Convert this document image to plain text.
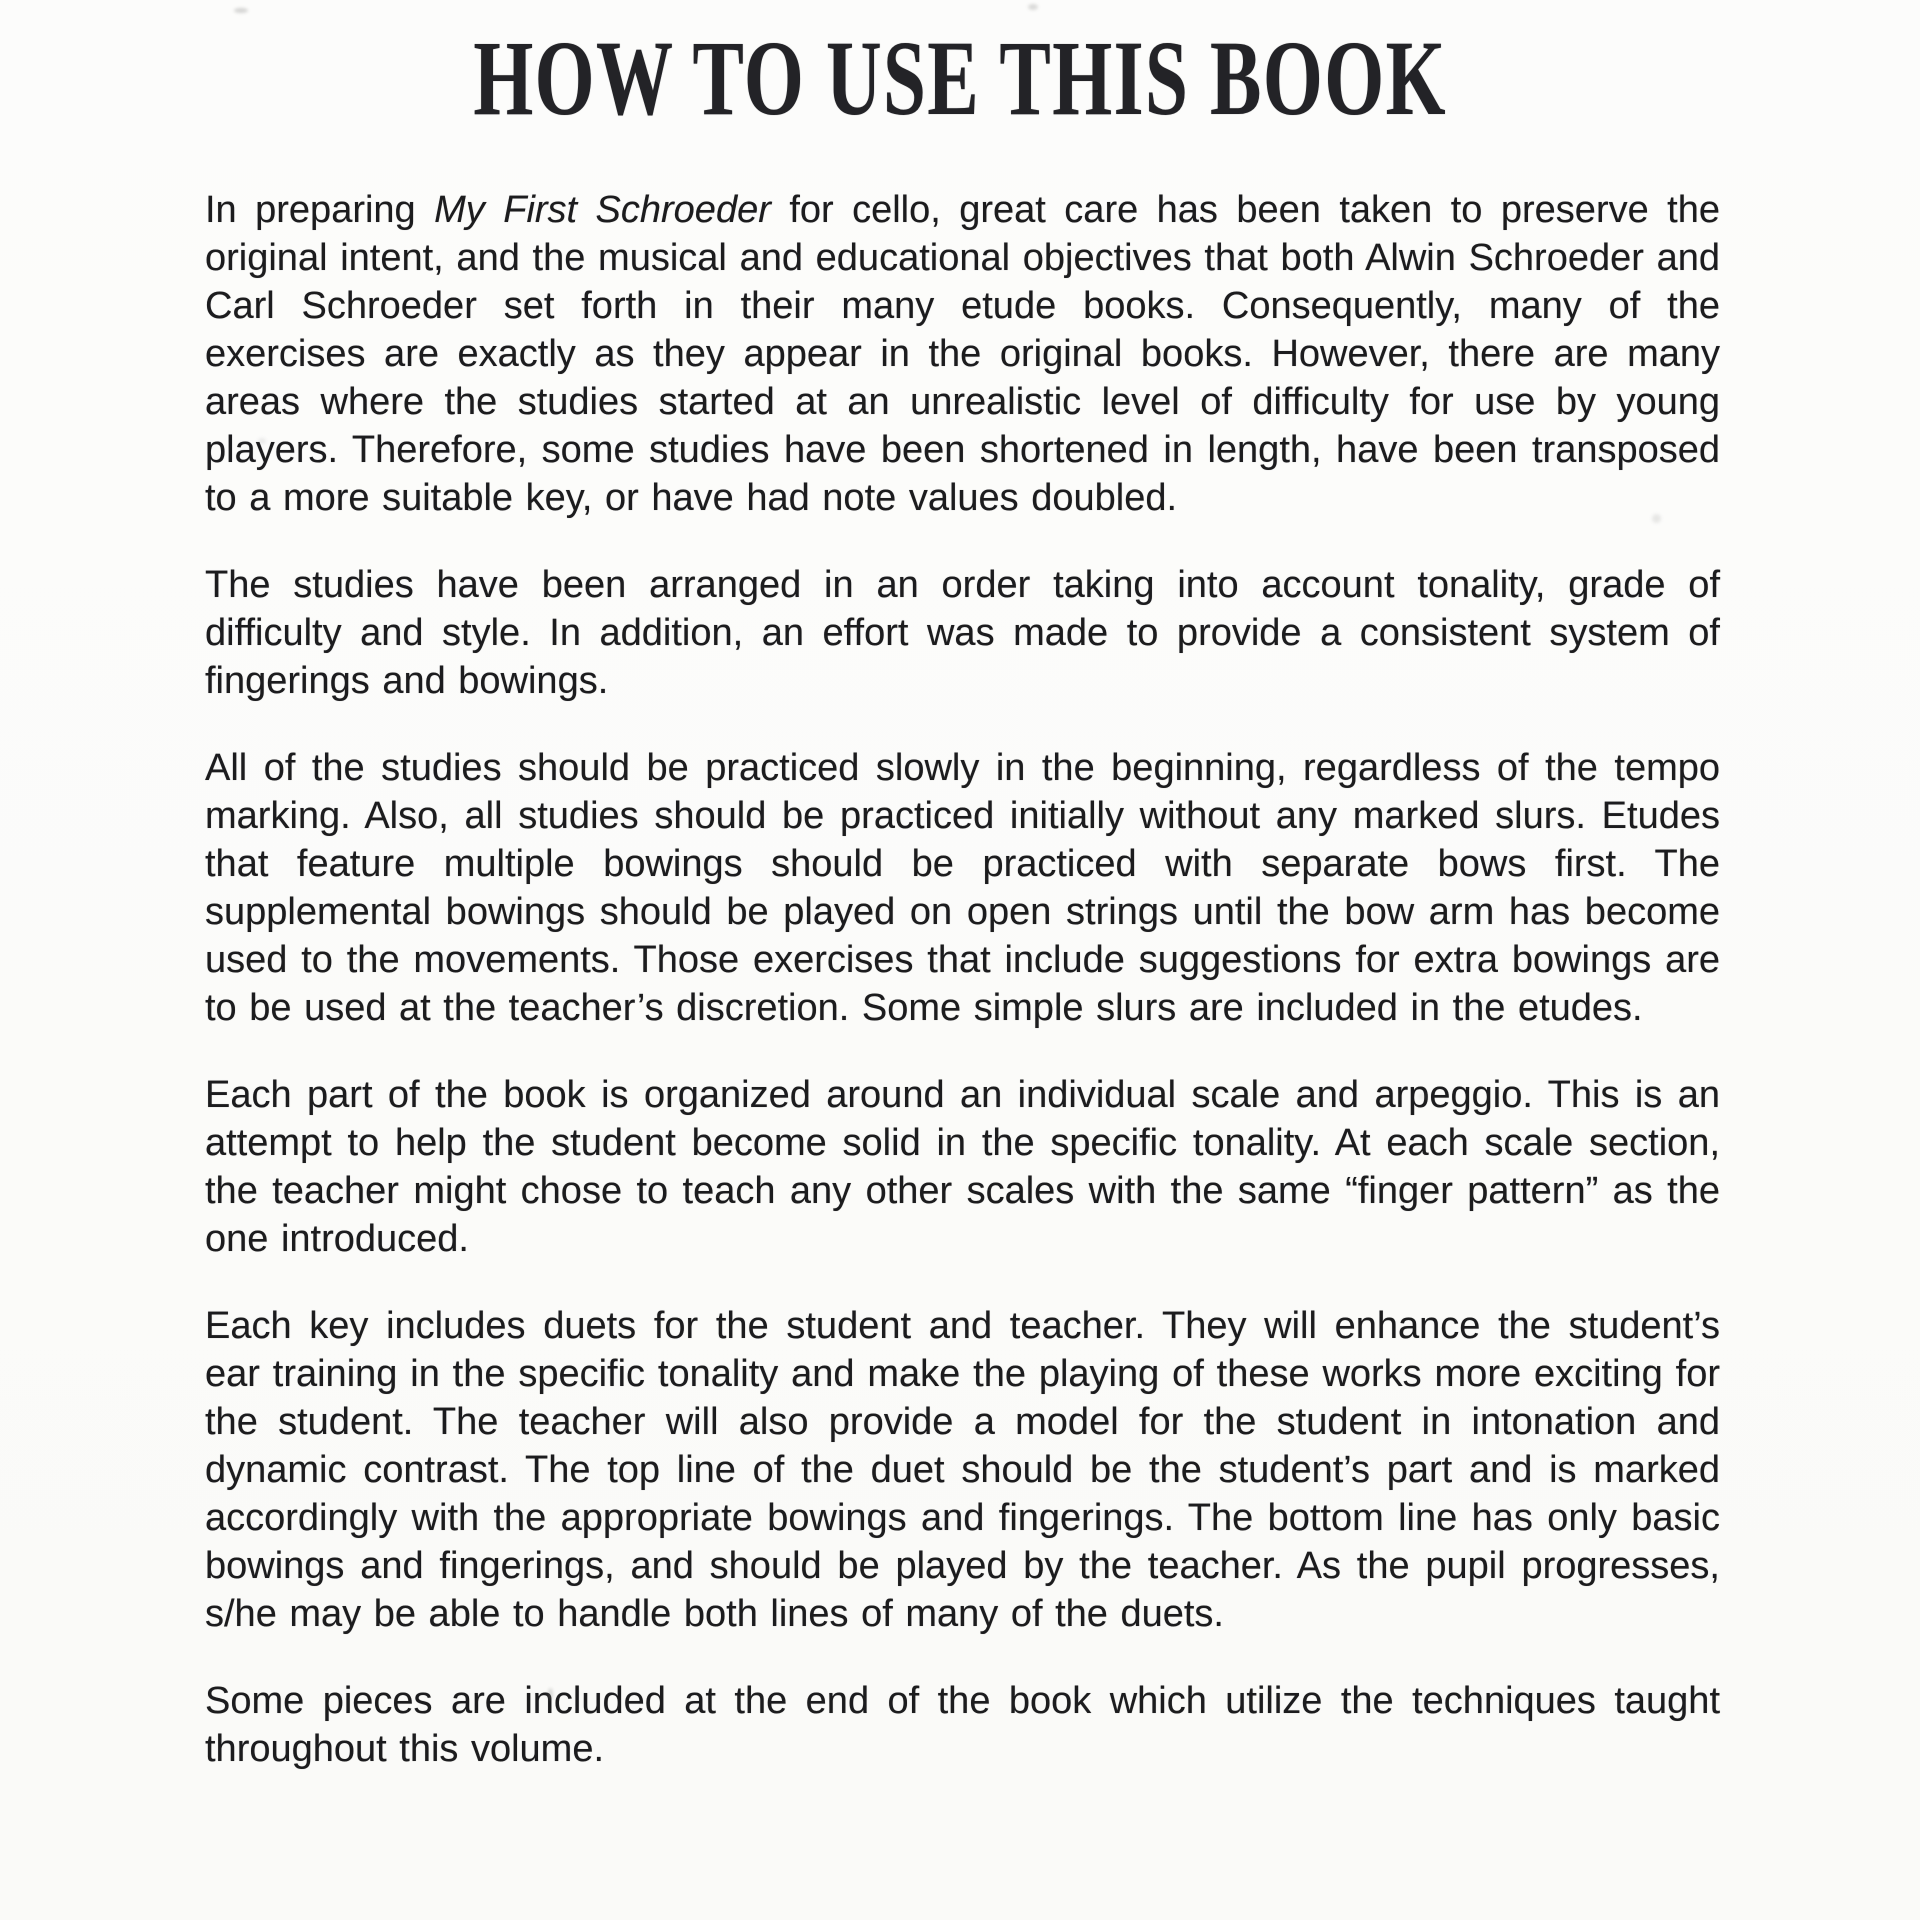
HOW TO USE THIS BOOK

In preparing My First Schroeder for cello, great care has been taken to preserve the original intent, and the musical and educational objectives that both Alwin Schroeder and Carl Schroeder set forth in their many etude books. Consequently, many of the exercises are exactly as they appear in the original books. However, there are many areas where the studies started at an unrealistic level of difficulty for use by young players. Therefore, some studies have been shortened in length, have been transposed to a more suitable key, or have had note values doubled.

The studies have been arranged in an order taking into account tonality, grade of difficulty and style. In addition, an effort was made to provide a consistent system of fingerings and bowings.

All of the studies should be practiced slowly in the beginning, regardless of the tempo marking. Also, all studies should be practiced initially without any marked slurs. Etudes that feature multiple bowings should be practiced with separate bows first. The supplemental bowings should be played on open strings until the bow arm has become used to the movements. Those exercises that include suggestions for extra bowings are to be used at the teacher’s discretion. Some simple slurs are included in the etudes.

Each part of the book is organized around an individual scale and arpeggio. This is an attempt to help the student become solid in the specific tonality. At each scale section, the teacher might chose to teach any other scales with the same “finger pattern” as the one introduced.

Each key includes duets for the student and teacher. They will enhance the student’s ear training in the specific tonality and make the playing of these works more exciting for the student. The teacher will also provide a model for the student in intonation and dynamic contrast. The top line of the duet should be the student’s part and is marked accordingly with the appropriate bowings and fingerings. The bottom line has only basic bowings and fingerings, and should be played by the teacher. As the pupil progresses, s/he may be able to handle both lines of many of the duets.

Some pieces are included at the end of the book which utilize the techniques taught throughout this volume.
